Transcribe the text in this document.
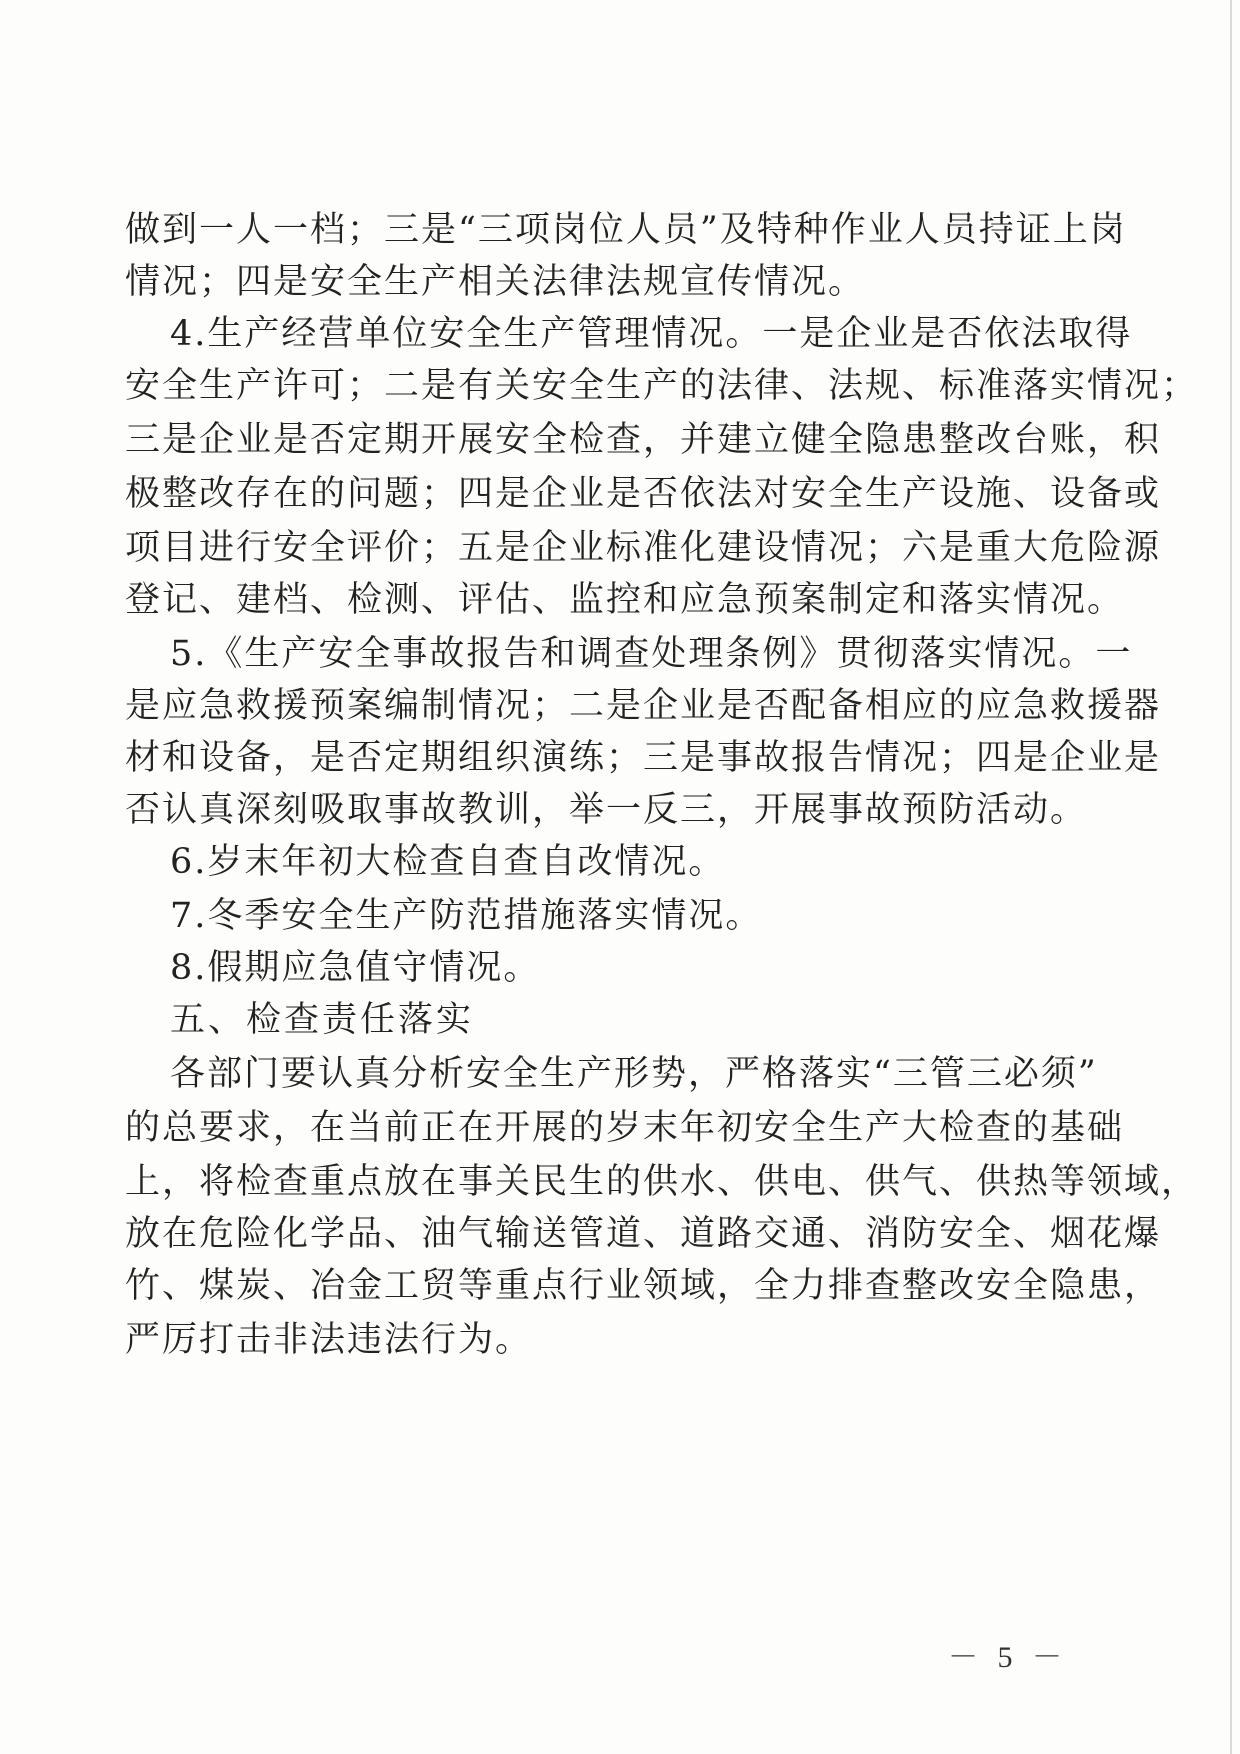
做到一人一档；三是“三项岗位人员”及特种作业人员持证上岗
情况；四是安全生产相关法律法规宣传情况。
4.生产经营单位安全生产管理情况。一是企业是否依法取得
安全生产许可；二是有关安全生产的法律、法规、标准落实情况；
三是企业是否定期开展安全检查，并建立健全隐患整改台账，积
极整改存在的问题；四是企业是否依法对安全生产设施、设备或
项目进行安全评价；五是企业标准化建设情况；六是重大危险源
登记、建档、检测、评估、监控和应急预案制定和落实情况。
5.《生产安全事故报告和调查处理条例》贯彻落实情况。一
是应急救援预案编制情况；二是企业是否配备相应的应急救援器
材和设备，是否定期组织演练；三是事故报告情况；四是企业是
否认真深刻吸取事故教训，举一反三，开展事故预防活动。
6.岁末年初大检查自查自改情况。
7.冬季安全生产防范措施落实情况。
8.假期应急值守情况。
五、检查责任落实
各部门要认真分析安全生产形势，严格落实“三管三必须”
的总要求，在当前正在开展的岁末年初安全生产大检查的基础
上，将检查重点放在事关民生的供水、供电、供气、供热等领域，
放在危险化学品、油气输送管道、道路交通、消防安全、烟花爆
竹、煤炭、冶金工贸等重点行业领域，全力排查整改安全隐患，
严厉打击非法违法行为。
－ 5 －
